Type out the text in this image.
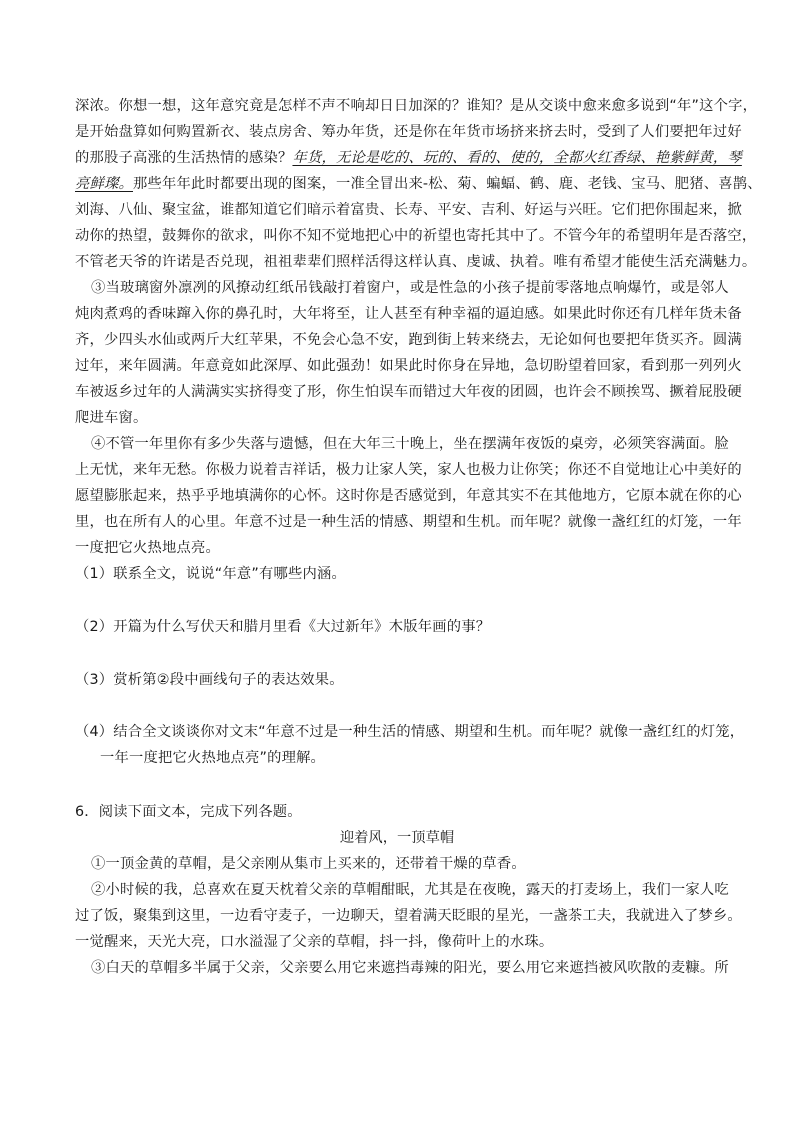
深浓。你想一想，这年意究竟是怎样不声不响却日日加深的？谁知？是从交谈中愈来愈多说到“年”这个字，
是开始盘算如何购置新衣、装点房舍、筹办年货，还是你在年货市场挤来挤去时，受到了人们要把年过好
的那股子高涨的生活热情的感染？年货，无论是吃的、玩的、看的、使的，全都火红香绿、艳紫鲜黄，琴
亮鲜璨。那些年年此时都要出现的图案，一准全冒出来-松、菊、蝙蝠、鹤、鹿、老钱、宝马、肥猪、喜鹊、
刘海、八仙、聚宝盆，谁都知道它们暗示着富贵、长寿、平安、吉利、好运与兴旺。它们把你围起来，掀
动你的热望，鼓舞你的欲求，叫你不知不觉地把心中的祈望也寄托其中了。不管今年的希望明年是否落空，
不管老天爷的许诺是否兑现，祖祖辈辈们照样活得这样认真、虔诚、执着。唯有希望才能使生活充满魅力。
③当玻璃窗外凛冽的风撩动红纸吊钱敲打着窗户，或是性急的小孩子提前零落地点响爆竹，或是邻人
炖肉煮鸡的香味蹿入你的鼻孔时，大年将至，让人甚至有种幸福的逼迫感。如果此时你还有几样年货未备
齐，少四头水仙或两斤大红苹果，不免会心急不安，跑到街上转来绕去，无论如何也要把年货买齐。圆满
过年，来年圆满。年意竟如此深厚、如此强劲！如果此时你身在异地，急切盼望着回家，看到那一列列火
车被返乡过年的人满满实实挤得变了形，你生怕误车而错过大年夜的团圆，也许会不顾挨骂、撅着屁股硬
爬进车窗。
④不管一年里你有多少失落与遗憾，但在大年三十晚上，坐在摆满年夜饭的桌旁，必须笑容满面。脸
上无忧，来年无愁。你极力说着吉祥话，极力让家人笑，家人也极力让你笑；你还不自觉地让心中美好的
愿望膨胀起来，热乎乎地填满你的心怀。这时你是否感觉到，年意其实不在其他地方，它原本就在你的心
里，也在所有人的心里。年意不过是一种生活的情感、期望和生机。而年呢？就像一盏红红的灯笼，一年
一度把它火热地点亮。
（1）联系全文，说说“年意”有哪些内涵。
（2）开篇为什么写伏天和腊月里看《大过新年》木版年画的事？
（3）赏析第②段中画线句子的表达效果。
（4）结合全文谈谈你对文末“年意不过是一种生活的情感、期望和生机。而年呢？就像一盏红红的灯笼，
一年一度把它火热地点亮”的理解。
6．阅读下面文本，完成下列各题。
迎着风，一顶草帽
①一顶金黄的草帽，是父亲刚从集市上买来的，还带着干燥的草香。
②小时候的我，总喜欢在夏天枕着父亲的草帽酣眠，尤其是在夜晚，露天的打麦场上，我们一家人吃
过了饭，聚集到这里，一边看守麦子，一边聊天，望着满天眨眼的星光，一盏茶工夫，我就进入了梦乡。
一觉醒来，天光大亮，口水溢湿了父亲的草帽，抖一抖，像荷叶上的水珠。
③白天的草帽多半属于父亲，父亲要么用它来遮挡毒辣的阳光，要么用它来遮挡被风吹散的麦糠。所
